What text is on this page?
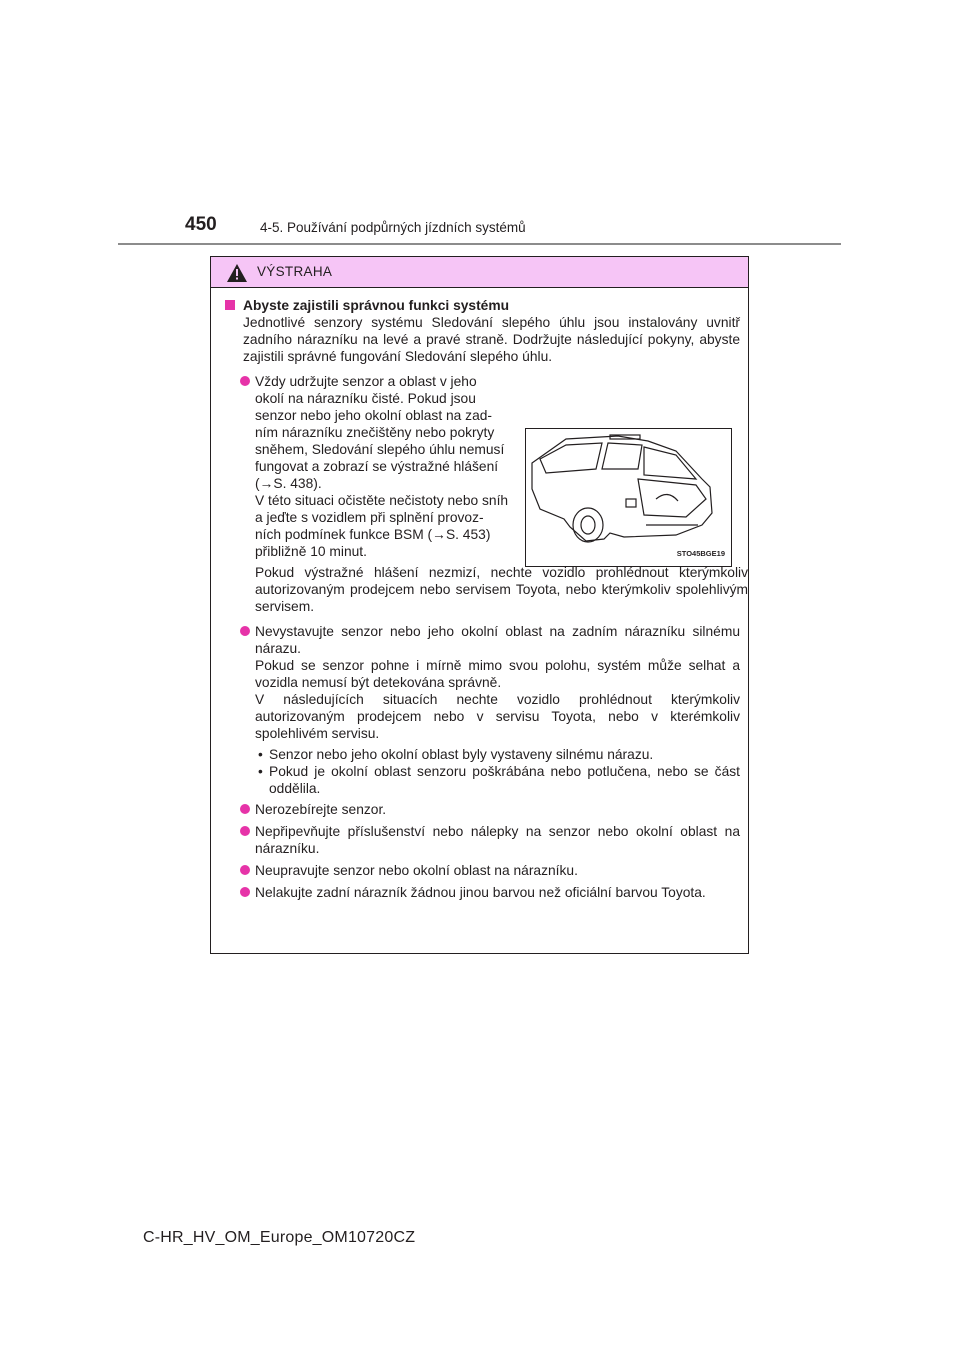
450	4-5. Používání podpůrných jízdních systémů
VÝSTRAHA
Abyste zajistili správnou funkci systému
Jednotlivé senzory systému Sledování slepého úhlu jsou instalovány uvnitř zadního nárazníku na levé a pravé straně. Dodržujte následující pokyny, abyste zajistili správné fungování Sledování slepého úhlu.
Vždy udržujte senzor a oblast v jeho
okolí na nárazníku čisté. Pokud jsou
senzor nebo jeho okolní oblast na zad-
ním nárazníku znečištěny nebo pokryty
sněhem, Sledování slepého úhlu nemusí
fungovat a zobrazí se výstražné hlášení
(→S. 438).
V této situaci očistěte nečistoty nebo sníh
a jeďte s vozidlem při splnění provoz-
ních podmínek funkce BSM (→S. 453)
přibližně 10 minut.
Pokud výstražné hlášení nezmizí, nechte vozidlo prohlédnout kterýmkoliv autorizovaným prodejcem nebo servisem Toyota, nebo kterýmkoliv spolehlivým servisem.
Nevystavujte senzor nebo jeho okolní oblast na zadním nárazníku silnému nárazu.
Pokud se senzor pohne i mírně mimo svou polohu, systém může selhat a vozidla nemusí být detekována správně.
V následujících situacích nechte vozidlo prohlédnout kterýmkoliv autorizovaným prodejcem nebo v servisu Toyota, nebo v kterémkoliv spolehlivém servisu.
• Senzor nebo jeho okolní oblast byly vystaveny silnému nárazu.
• Pokud je okolní oblast senzoru poškrábána nebo potlučena, nebo se část oddělila.
Nerozebírejte senzor.
Nepřipevňujte příslušenství nebo nálepky na senzor nebo okolní oblast na nárazníku.
Neupravujte senzor nebo okolní oblast na nárazníku.
Nelakujte zadní nárazník žádnou jinou barvou než oficiální barvou Toyota.
STO45BGE19
C-HR_HV_OM_Europe_OM10720CZ
